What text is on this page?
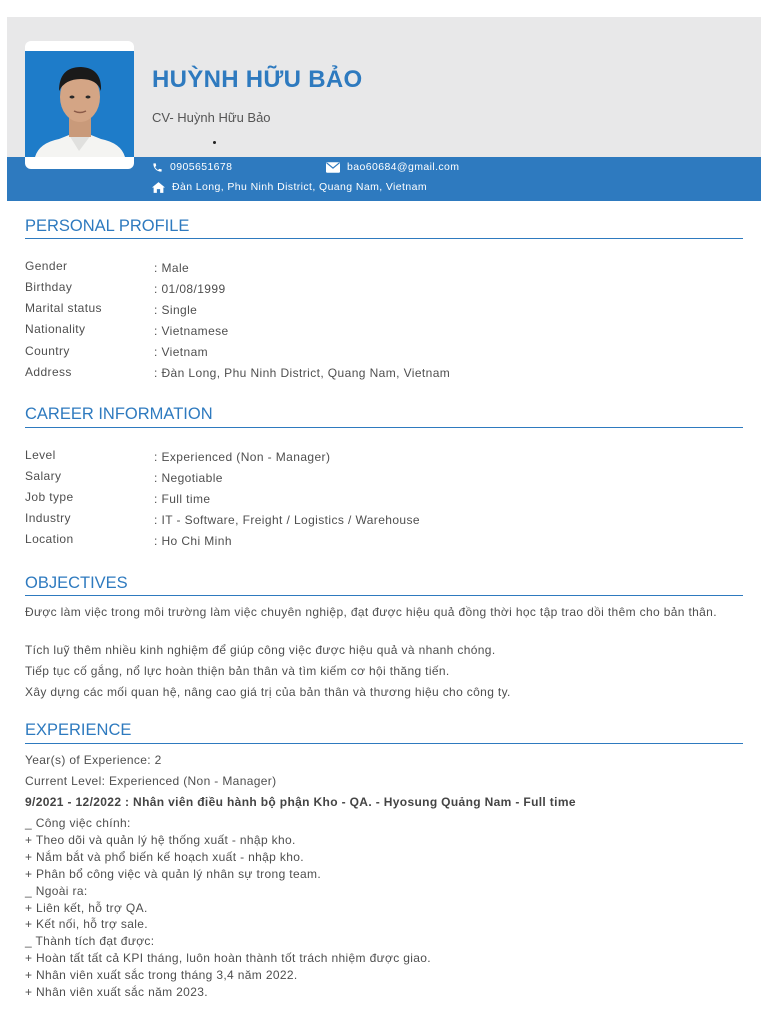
HUỲNH HỮU BẢO
CV- Huỳnh Hữu Bảo
0905651678	bao60684@gmail.com
Đàn Long, Phu Ninh District, Quang Nam, Vietnam
PERSONAL PROFILE
Gender	: Male
Birthday	: 01/08/1999
Marital status	: Single
Nationality	: Vietnamese
Country	: Vietnam
Address	: Đàn Long, Phu Ninh District, Quang Nam, Vietnam
CAREER INFORMATION
Level	: Experienced (Non - Manager)
Salary	: Negotiable
Job type	: Full time
Industry	: IT - Software, Freight / Logistics / Warehouse
Location	: Ho Chi Minh
OBJECTIVES
Được làm việc trong môi trường làm việc chuyên nghiệp, đạt được hiệu quả đồng thời học tập trao dồi thêm cho bản thân.
Tích luỹ thêm nhiều kinh nghiệm để giúp công việc được hiệu quả và nhanh chóng.
Tiếp tục cố gắng, nổ lực hoàn thiện bản thân và tìm kiếm cơ hội thăng tiến.
Xây dựng các mối quan hệ, nâng cao giá trị của bản thân và thương hiệu cho công ty.
EXPERIENCE
Year(s) of Experience: 2
Current Level: Experienced (Non - Manager)
9/2021 - 12/2022 : Nhân viên điều hành bộ phận Kho - QA. - Hyosung Quảng Nam - Full time
_ Công việc chính:
+ Theo dõi và quản lý hệ thống xuất - nhập kho.
+ Nắm bắt và phổ biến kế hoạch xuất - nhập kho.
+ Phân bổ công việc và quản lý nhân sự trong team.
_ Ngoài ra:
+ Liên kết, hỗ trợ QA.
+ Kết nối, hỗ trợ sale.
_ Thành tích đạt được:
+ Hoàn tất tất cả KPI tháng, luôn hoàn thành tốt trách nhiệm được giao.
+ Nhân viên xuất sắc trong tháng 3,4 năm 2022.
+ Nhân viên xuất sắc năm 2023.
